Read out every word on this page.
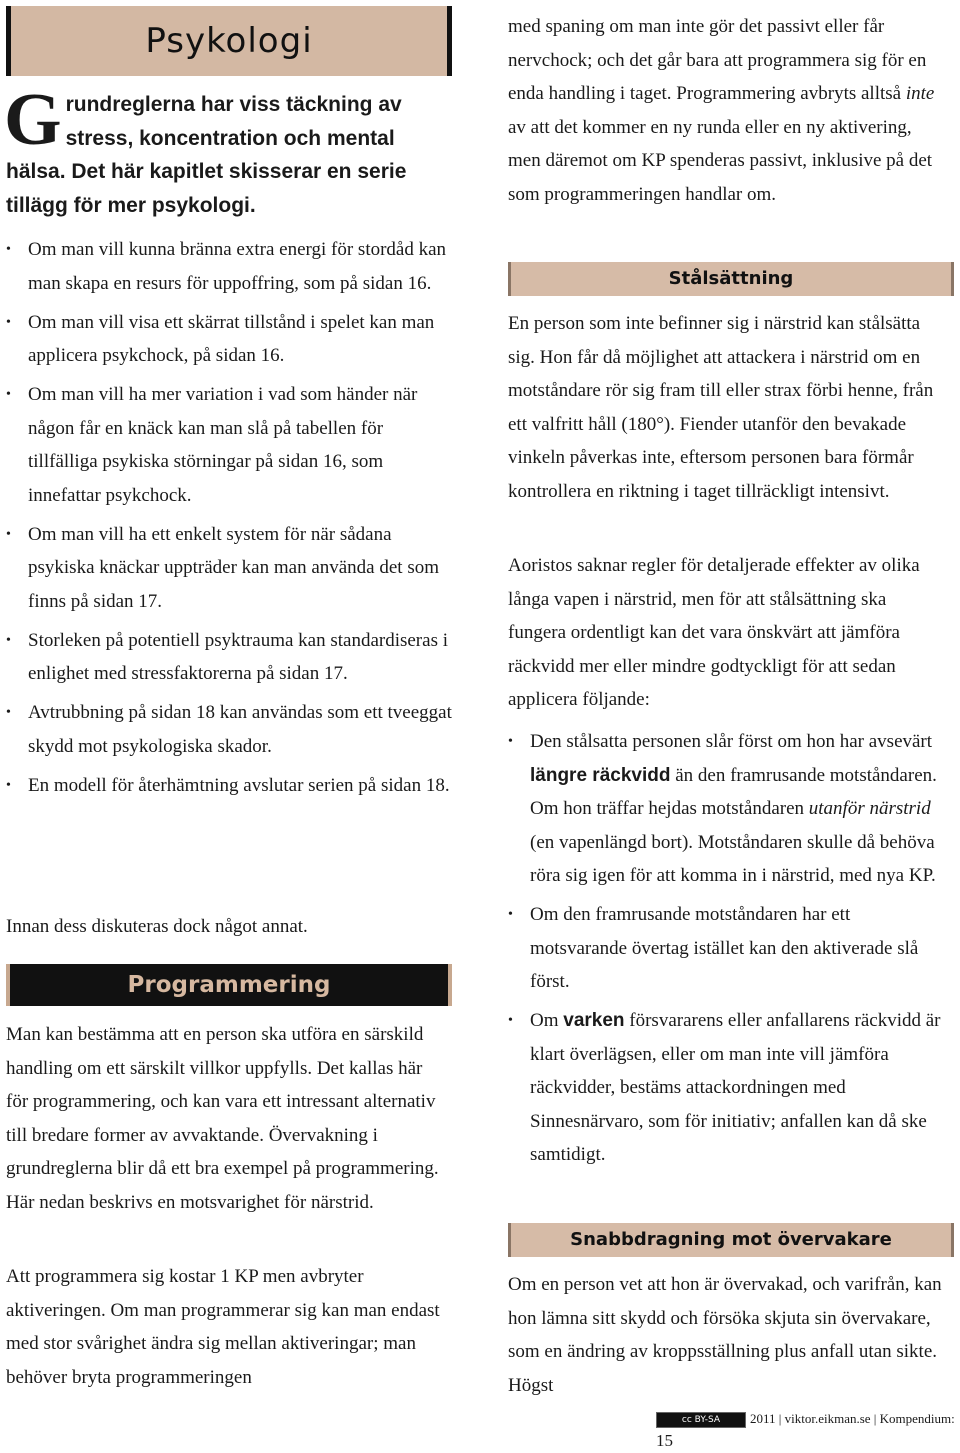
Psykologi
Grundreglerna har viss täckning av stress, koncentration och mental hälsa. Det här kapitlet skisserar en serie tillägg för mer psykologi.
• Om man vill kunna bränna extra energi för stordåd kan man skapa en resurs för uppoffring, som på sidan 16.
• Om man vill visa ett skärrat tillstånd i spelet kan man applicera psykchock, på sidan 16.
• Om man vill ha mer variation i vad som händer när någon får en knäck kan man slå på tabellen för tillfälliga psykiska störningar på sidan 16, som innefattar psykchock.
• Om man vill ha ett enkelt system för när sådana psykiska knäckar uppträder kan man använda det som finns på sidan 17.
• Storleken på potentiell psyktrauma kan standardiseras i enlighet med stressfaktorerna på sidan 17.
• Avtrubbning på sidan 18 kan användas som ett tveeggat skydd mot psykologiska skador.
• En modell för återhämtning avslutar serien på sidan 18.

Innan dess diskuteras dock något annat.

Programmering

Man kan bestämma att en person ska utföra en särskild handling om ett särskilt villkor uppfylls. Det kallas här för programmering, och kan vara ett intressant alternativ till bredare former av avvaktande. Övervakning i grundreglerna blir då ett bra exempel på programmering. Här nedan beskrivs en motsvarighet för närstrid.

Att programmera sig kostar 1 KP men avbryter aktiveringen. Om man programmerar sig kan man endast med stor svårighet ändra sig mellan aktiveringar; man behöver bryta programmeringen

med spaning om man inte gör det passivt eller får nervchock; och det går bara att programmera sig för en enda handling i taget. Programmering avbryts alltså inte av att det kommer en ny runda eller en ny aktivering, men däremot om KP spenderas passivt, inklusive på det som programmeringen handlar om.

Stålsättning

En person som inte befinner sig i närstrid kan stålsätta sig. Hon får då möjlighet att attackera i närstrid om en motståndare rör sig fram till eller strax förbi henne, från ett valfritt håll (180°). Fiender utanför den bevakade vinkeln påverkas inte, eftersom personen bara förmår kontrollera en riktning i taget tillräckligt intensivt.

Aoristos saknar regler för detaljerade effekter av olika långa vapen i närstrid, men för att stålsättning ska fungera ordentligt kan det vara önskvärt att jämföra räckvidd mer eller mindre godtyckligt för att sedan applicera följande:

• Den stålsatta personen slår först om hon har avsevärt längre räckvidd än den framrusande motståndaren. Om hon träffar hejdas motståndaren utanför närstrid (en vapenlängd bort). Motståndaren skulle då behöva röra sig igen för att komma in i närstrid, med nya KP.
• Om den framrusande motståndaren har ett motsvarande övertag istället kan den aktiverade slå först.
• Om varken försvararens eller anfallarens räckvidd är klart överlägsen, eller om man inte vill jämföra räckvidder, bestäms attackordningen med Sinnesnärvaro, som för initiativ; anfallen kan då ske samtidigt.
Snabbdragning mot övervakare

Om en person vet att hon är övervakad, och varifrån, kan hon lämna sitt skydd och försöka skjuta sin övervakare, som en ändring av kroppsställning plus anfall utan sikte. Högst

cc BY-SA 2011 | viktor.eikman.se | Kompendium: 15
